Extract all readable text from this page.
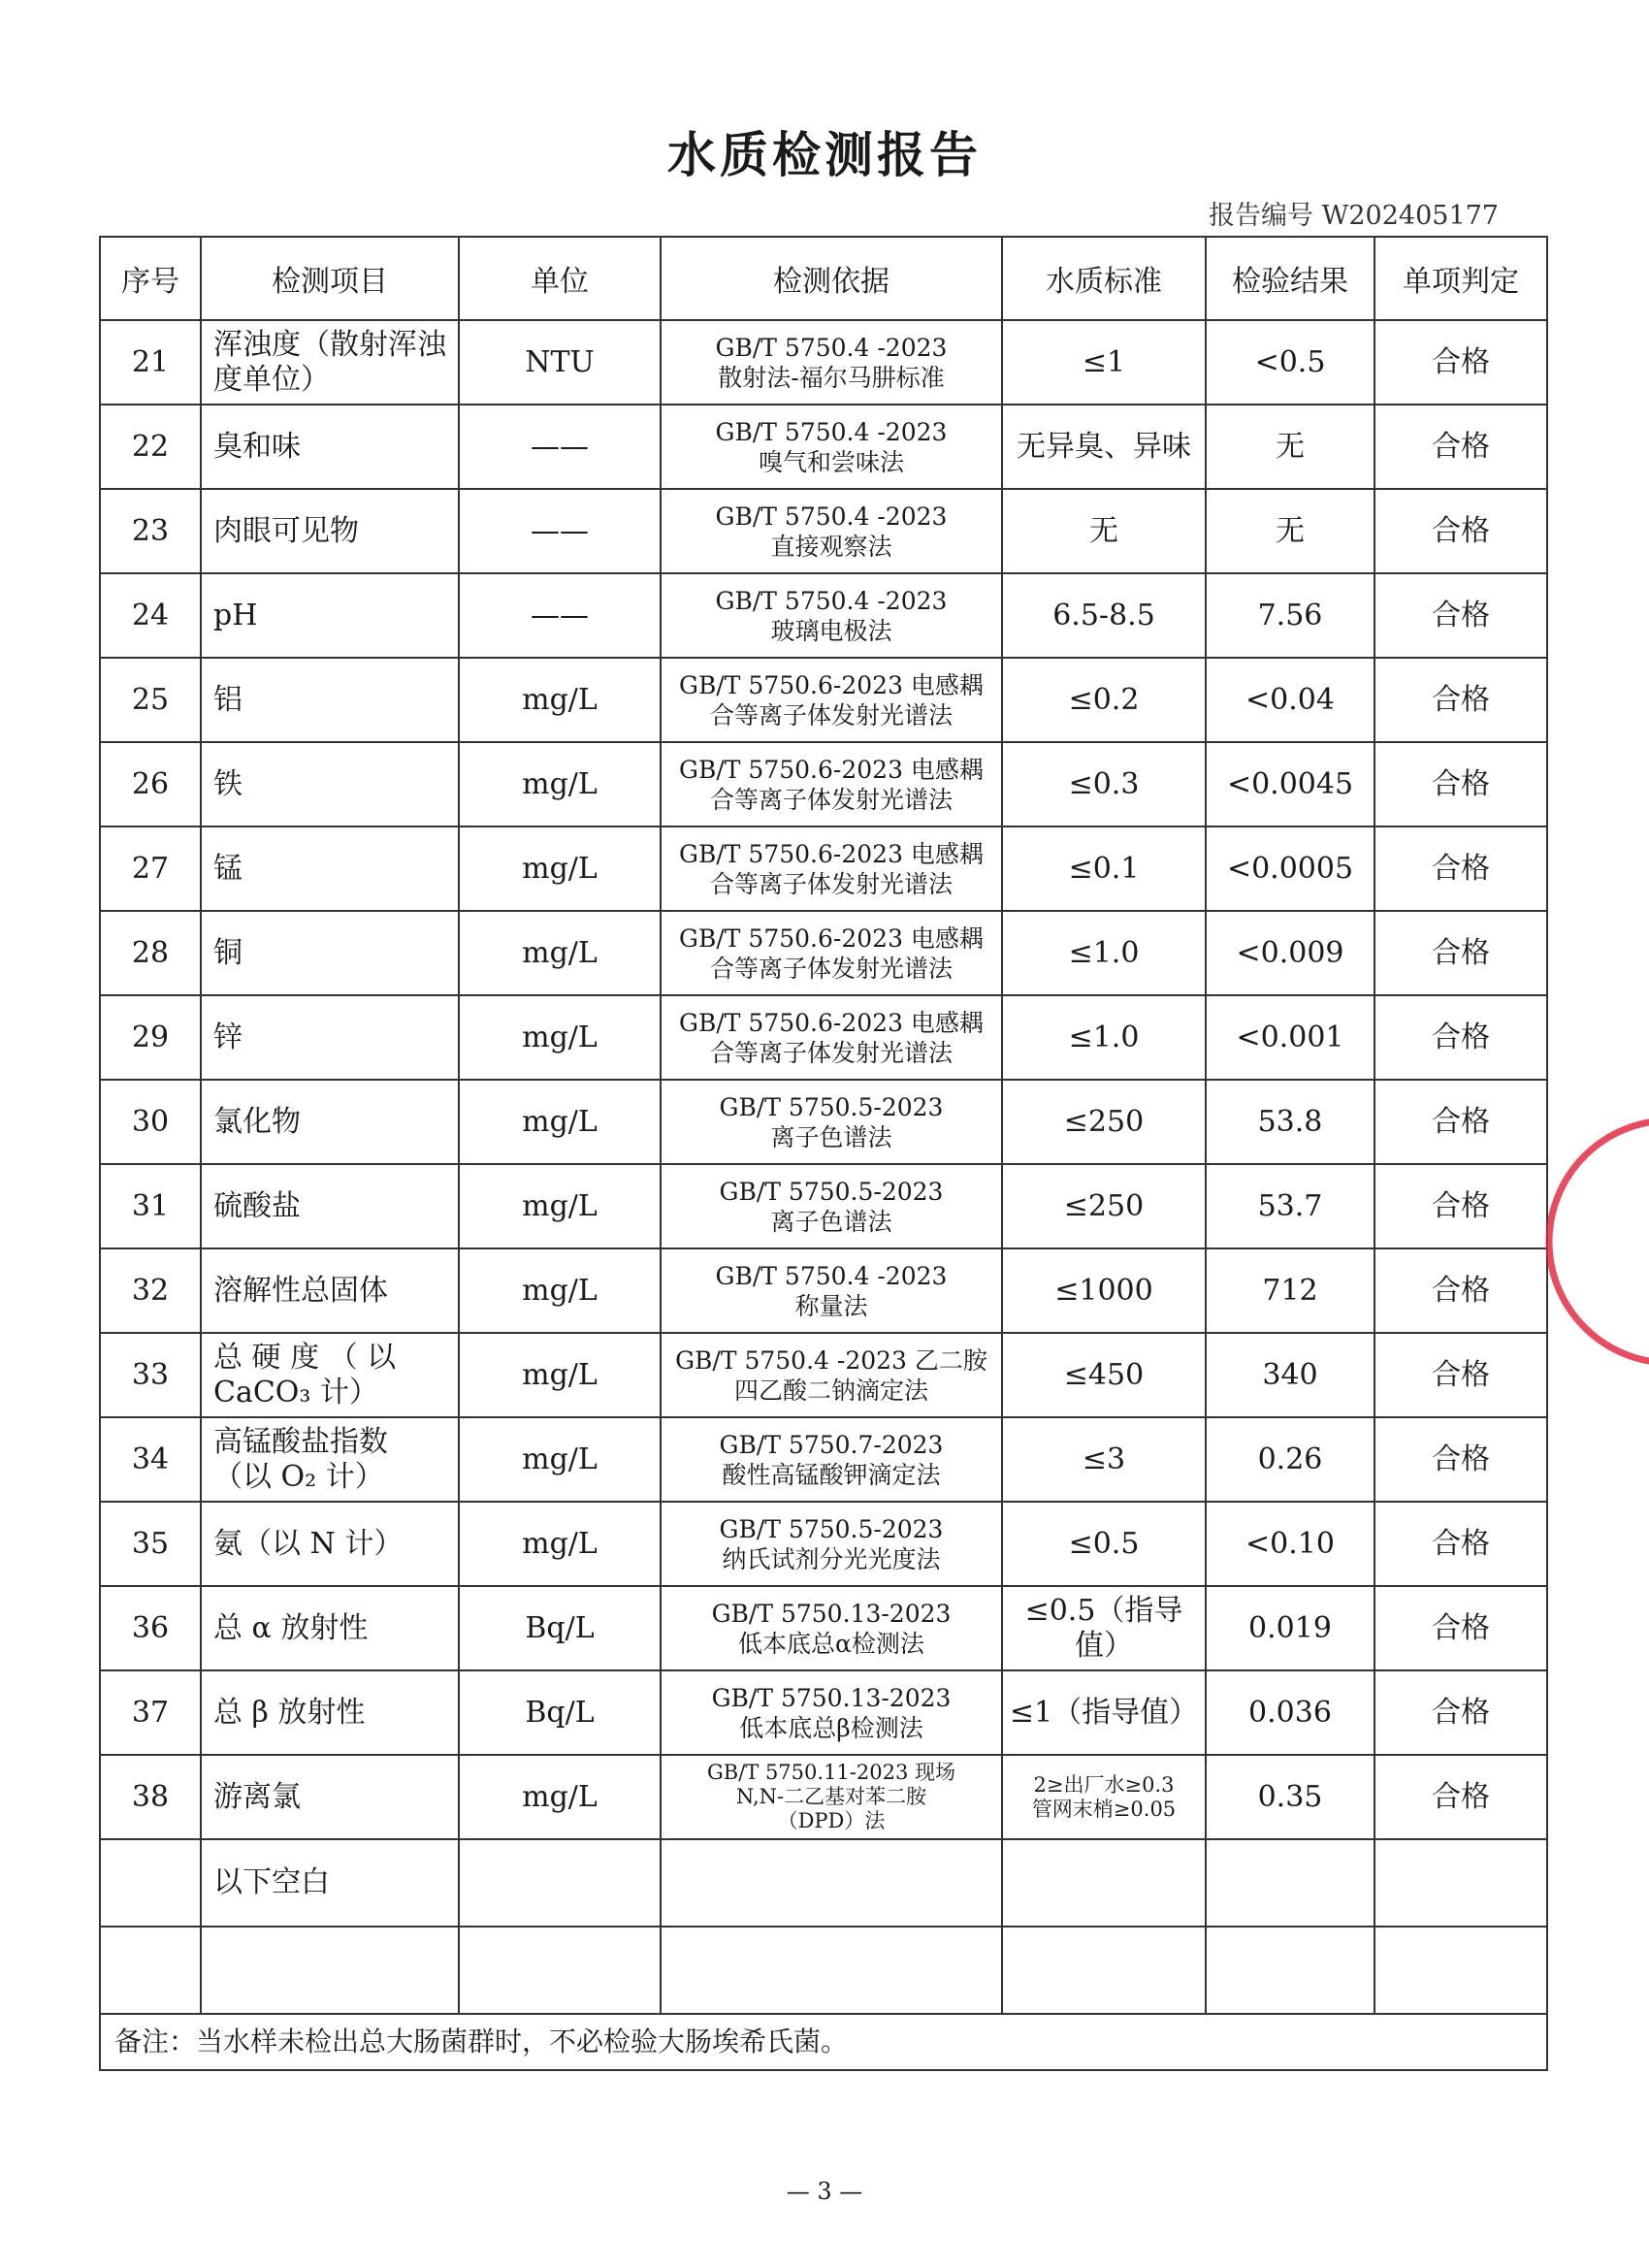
水质检测报告
报告编号 W202405177
序号	检测项目	单位	检测依据	水质标准	检验结果	单项判定
21	浑浊度（散射浑浊度单位）	NTU	GB/T 5750.4 -2023
散射法-福尔马肼标准	≤1	<0.5	合格
22	臭和味	——	GB/T 5750.4 -2023
嗅气和尝味法	无异臭、异味	无	合格
23	肉眼可见物	——	GB/T 5750.4 -2023
直接观察法	无	无	合格
24	pH	——	GB/T 5750.4 -2023
玻璃电极法	6.5-8.5	7.56	合格
25	铝	mg/L	GB/T 5750.6-2023 电感耦
合等离子体发射光谱法	≤0.2	<0.04	合格
26	铁	mg/L	GB/T 5750.6-2023 电感耦
合等离子体发射光谱法	≤0.3	<0.0045	合格
27	锰	mg/L	GB/T 5750.6-2023 电感耦
合等离子体发射光谱法	≤0.1	<0.0005	合格
28	铜	mg/L	GB/T 5750.6-2023 电感耦
合等离子体发射光谱法	≤1.0	<0.009	合格
29	锌	mg/L	GB/T 5750.6-2023 电感耦
合等离子体发射光谱法	≤1.0	<0.001	合格
30	氯化物	mg/L	GB/T 5750.5-2023
离子色谱法	≤250	53.8	合格
31	硫酸盐	mg/L	GB/T 5750.5-2023
离子色谱法	≤250	53.7	合格
32	溶解性总固体	mg/L	GB/T 5750.4 -2023
称量法	≤1000	712	合格
33	总 硬 度 （ 以
CaCO₃ 计）	mg/L	GB/T 5750.4 -2023 乙二胺
四乙酸二钠滴定法	≤450	340	合格
34	高锰酸盐指数
（以 O₂ 计）	mg/L	GB/T 5750.7-2023
酸性高锰酸钾滴定法	≤3	0.26	合格
35	氨（以 N 计）	mg/L	GB/T 5750.5-2023
纳氏试剂分光光度法	≤0.5	<0.10	合格
36	总 α 放射性	Bq/L	GB/T 5750.13-2023
低本底总α检测法	≤0.5（指导值）	0.019	合格
37	总 β 放射性	Bq/L	GB/T 5750.13-2023
低本底总β检测法	≤1（指导值）	0.036	合格
38	游离氯	mg/L	GB/T 5750.11-2023 现场
N,N-二乙基对苯二胺
（DPD）法	2≥出厂水≥0.3
管网末梢≥0.05	0.35	合格
	以下空白					

备注：当水样未检出总大肠菌群时，不必检验大肠埃希氏菌。						
— 3 —
